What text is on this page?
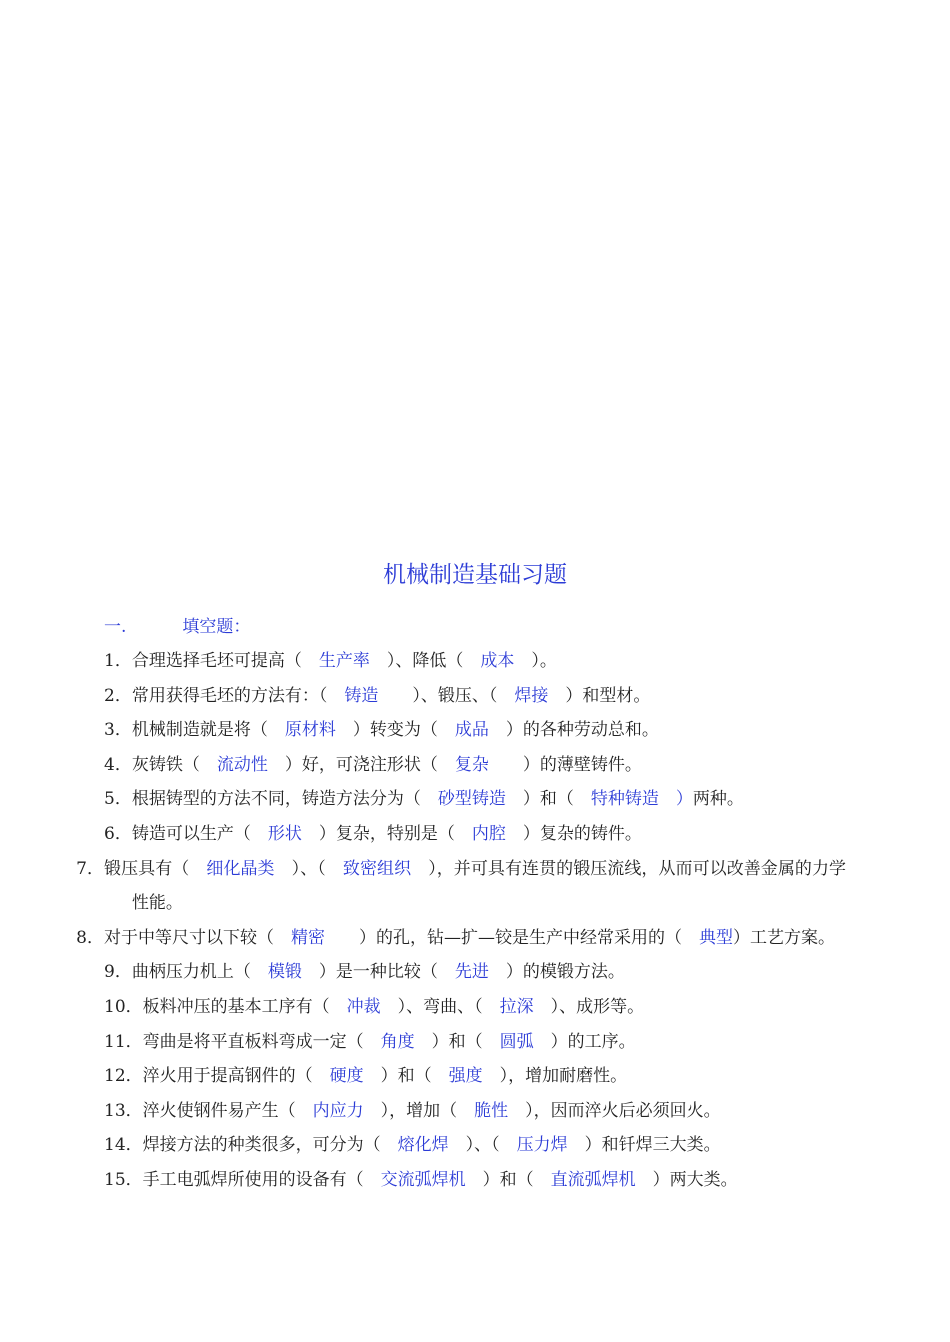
机械制造基础习题
一.	填空题：
1．合理选择毛坯可提高（　生产率　）、降低（　成本　）。
2．常用获得毛坯的方法有：（　铸造　　）、锻压、（　焊接　）和型材。
3．机械制造就是将（　原材料　）转变为（　成品　）的各种劳动总和。
4．灰铸铁（　流动性　）好，可浇注形状（　复杂　　）的薄壁铸件。
5．根据铸型的方法不同，铸造方法分为（　砂型铸造　）和（　特种铸造　）两种。
6．铸造可以生产（　形状　）复杂，特别是（　内腔　）复杂的铸件。
7．锻压具有（　细化晶类　）、（　致密组织　），并可具有连贯的锻压流线，从而可以改善金属的力学性能。
8．对于中等尺寸以下较（　精密　　）的孔，钻—扩—铰是生产中经常采用的（　典型）工艺方案。
9．曲柄压力机上（　模锻　）是一种比较（　先进　）的模锻方法。
10．板料冲压的基本工序有（　冲裁　）、弯曲、（　拉深　）、成形等。
11．弯曲是将平直板料弯成一定（　角度　）和（　圆弧　）的工序。
12．淬火用于提高钢件的（　硬度　）和（　强度　），增加耐磨性。
13．淬火使钢件易产生（　内应力　），增加（　脆性　），因而淬火后必须回火。
14．焊接方法的种类很多，可分为（　熔化焊　）、（　压力焊　）和钎焊三大类。
15．手工电弧焊所使用的设备有（　交流弧焊机　）和（　直流弧焊机　）两大类。
